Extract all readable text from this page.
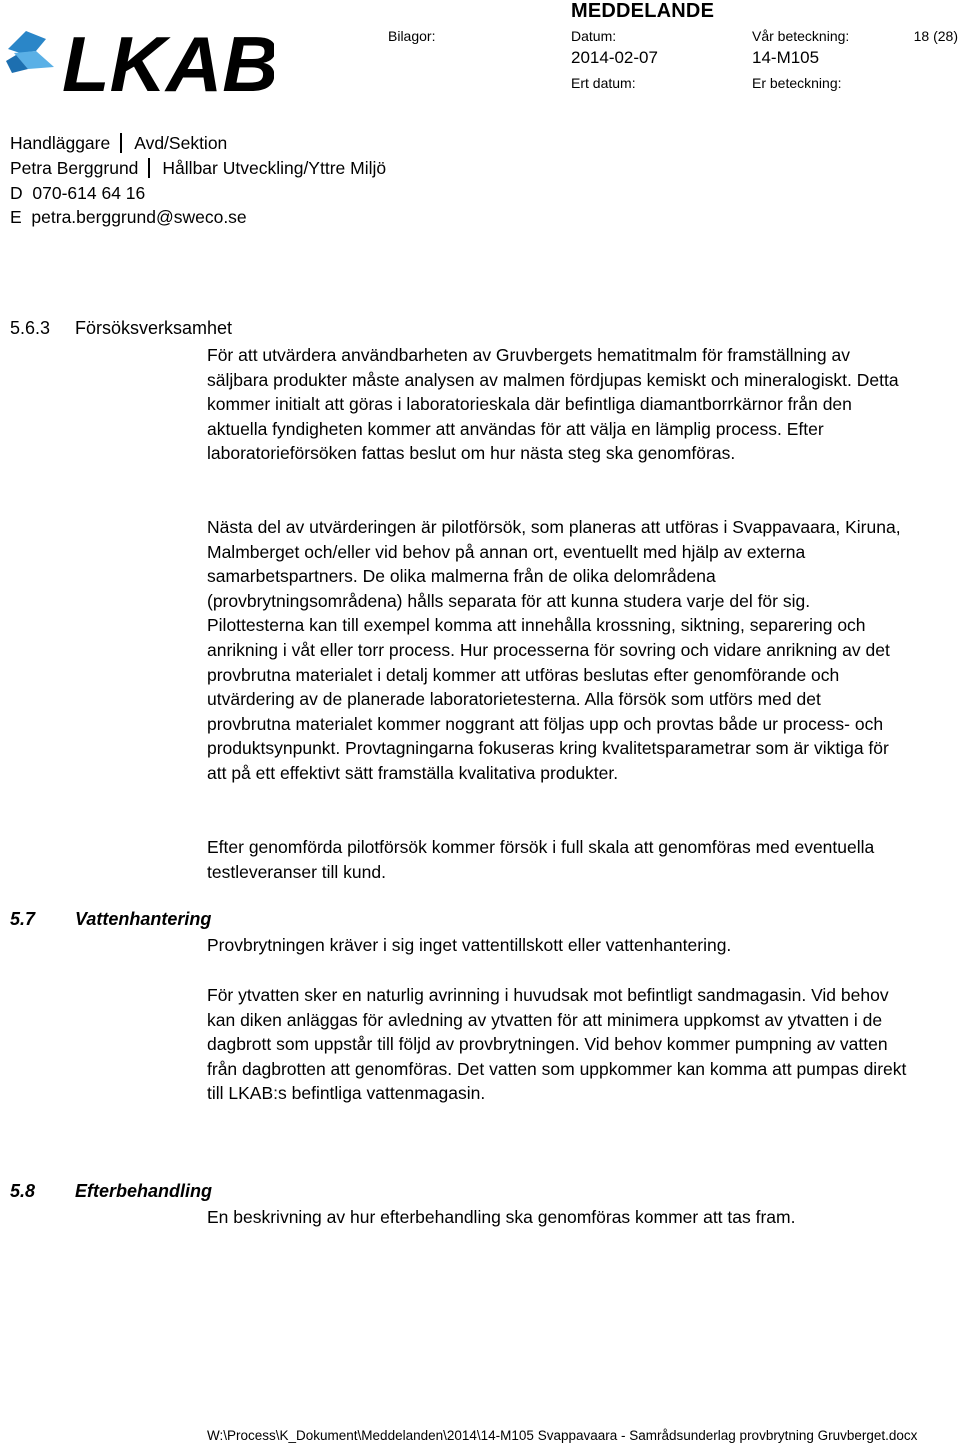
LKAB
MEDDELANDE
Bilagor:	Datum:	Vår beteckning:	18 (28)
2014-02-07	14-M105
Ert datum:	Er beteckning:
Handläggare Avd/Sektion
Petra Berggrund Hållbar Utveckling/Yttre Miljö
D 070-614 64 16
E petra.berggrund@sweco.se
5.6.3 Försöksverksamhet

För att utvärdera användbarheten av Gruvbergets hematitmalm för framställning av säljbara produkter måste analysen av malmen fördjupas kemiskt och mineralogiskt. Detta kommer initialt att göras i laboratorieskala där befintliga diamantborrkärnor från den aktuella fyndigheten kommer att användas för att välja en lämplig process. Efter laboratorieförsöken fattas beslut om hur nästa steg ska genomföras.

Nästa del av utvärderingen är pilotförsök, som planeras att utföras i Svappavaara, Kiruna, Malmberget och/eller vid behov på annan ort, eventuellt med hjälp av externa samarbetspartners. De olika malmerna från de olika delområdena (provbrytningsområdena) hålls separata för att kunna studera varje del för sig. Pilottesterna kan till exempel komma att innehålla krossning, siktning, separering och anrikning i våt eller torr process. Hur processerna för sovring och vidare anrikning av det provbrutna materialet i detalj kommer att utföras beslutas efter genomförande och utvärdering av de planerade laboratorietesterna. Alla försök som utförs med det provbrutna materialet kommer noggrant att följas upp och provtas både ur process- och produktsynpunkt. Provtagningarna fokuseras kring kvalitetsparametrar som är viktiga för att på ett effektivt sätt framställa kvalitativa produkter.

Efter genomförda pilotförsök kommer försök i full skala att genomföras med eventuella testleveranser till kund.

5.7 Vattenhantering

Provbrytningen kräver i sig inget vattentillskott eller vattenhantering.

För ytvatten sker en naturlig avrinning i huvudsak mot befintligt sandmagasin. Vid behov kan diken anläggas för avledning av ytvatten för att minimera uppkomst av ytvatten i de dagbrott som uppstår till följd av provbrytningen. Vid behov kommer pumpning av vatten från dagbrotten att genomföras. Det vatten som uppkommer kan komma att pumpas direkt till LKAB:s befintliga vattenmagasin.

5.8 Efterbehandling

En beskrivning av hur efterbehandling ska genomföras kommer att tas fram.

W:\Process\K_Dokument\Meddelanden\2014\14-M105 Svappavaara - Samrådsunderlag provbrytning Gruvberget.docx
